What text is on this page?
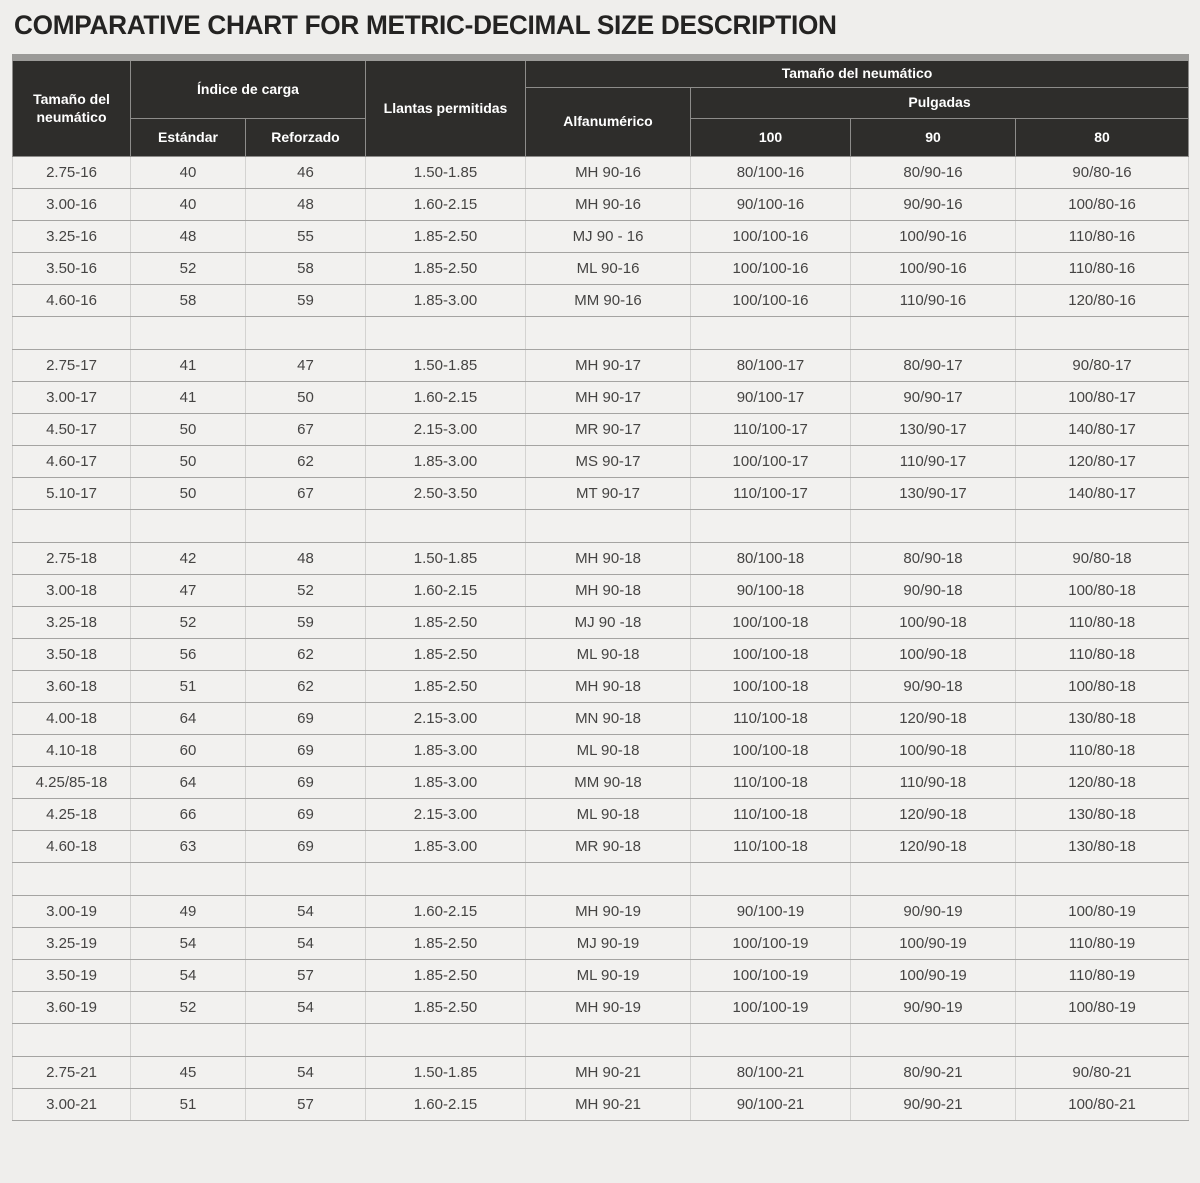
COMPARATIVE CHART FOR METRIC-DECIMAL SIZE DESCRIPTION
Tamaño del neumático	Índice de carga		Llantas permitidas	Tamaño del neumático			
				Alfanumérico	Pulgadas		
	Estándar	Reforzado			100	90	80
2.75-16	40	46	1.50-1.85	MH 90-16	80/100-16	80/90-16	90/80-16
3.00-16	40	48	1.60-2.15	MH 90-16	90/100-16	90/90-16	100/80-16
3.25-16	48	55	1.85-2.50	MJ 90 - 16	100/100-16	100/90-16	110/80-16
3.50-16	52	58	1.85-2.50	ML 90-16	100/100-16	100/90-16	110/80-16
4.60-16	58	59	1.85-3.00	MM 90-16	100/100-16	110/90-16	120/80-16

2.75-17	41	47	1.50-1.85	MH 90-17	80/100-17	80/90-17	90/80-17
3.00-17	41	50	1.60-2.15	MH 90-17	90/100-17	90/90-17	100/80-17
4.50-17	50	67	2.15-3.00	MR 90-17	110/100-17	130/90-17	140/80-17
4.60-17	50	62	1.85-3.00	MS 90-17	100/100-17	110/90-17	120/80-17
5.10-17	50	67	2.50-3.50	MT 90-17	110/100-17	130/90-17	140/80-17

2.75-18	42	48	1.50-1.85	MH 90-18	80/100-18	80/90-18	90/80-18
3.00-18	47	52	1.60-2.15	MH 90-18	90/100-18	90/90-18	100/80-18
3.25-18	52	59	1.85-2.50	MJ 90 -18	100/100-18	100/90-18	110/80-18
3.50-18	56	62	1.85-2.50	ML 90-18	100/100-18	100/90-18	110/80-18
3.60-18	51	62	1.85-2.50	MH 90-18	100/100-18	90/90-18	100/80-18
4.00-18	64	69	2.15-3.00	MN 90-18	110/100-18	120/90-18	130/80-18
4.10-18	60	69	1.85-3.00	ML 90-18	100/100-18	100/90-18	110/80-18
4.25/85-18	64	69	1.85-3.00	MM 90-18	110/100-18	110/90-18	120/80-18
4.25-18	66	69	2.15-3.00	ML 90-18	110/100-18	120/90-18	130/80-18
4.60-18	63	69	1.85-3.00	MR 90-18	110/100-18	120/90-18	130/80-18

3.00-19	49	54	1.60-2.15	MH 90-19	90/100-19	90/90-19	100/80-19
3.25-19	54	54	1.85-2.50	MJ 90-19	100/100-19	100/90-19	110/80-19
3.50-19	54	57	1.85-2.50	ML 90-19	100/100-19	100/90-19	110/80-19
3.60-19	52	54	1.85-2.50	MH 90-19	100/100-19	90/90-19	100/80-19

2.75-21	45	54	1.50-1.85	MH 90-21	80/100-21	80/90-21	90/80-21
3.00-21	51	57	1.60-2.15	MH 90-21	90/100-21	90/90-21	100/80-21
